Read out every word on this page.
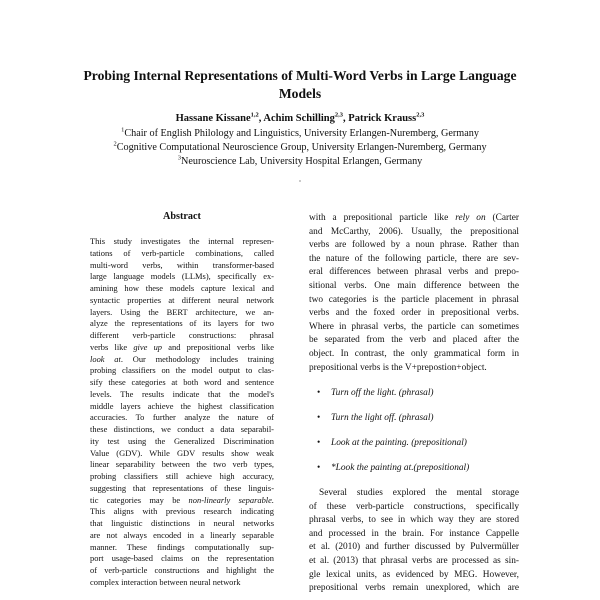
Probing Internal Representations of Multi-Word Verbs in Large Language
Models
Hassane Kissane$^{1,2}$, Achim Schilling$^{2,3}$, Patrick Krauss$^{2,3}$
$^1$Chair of English Philology and Linguistics, University Erlangen-Nuremberg, Germany
$^2$Cognitive Computational Neuroscience Group, University Erlangen-Nuremberg, Germany
$^3$Neuroscience Lab, University Hospital Erlangen, Germany
Abstract
This study investigates the internal represen-
tations of verb-particle combinations, called
multi-word verbs, within transformer-based
large language models (LLMs), specifically ex-
amining how these models capture lexical and
syntactic properties at different neural network
layers. Using the BERT architecture, we an-
alyze the representations of its layers for two
different verb-particle constructions: phrasal
verbs like give up and prepositional verbs like
look at. Our methodology includes training
probing classifiers on the model output to clas-
sify these categories at both word and sentence
levels. The results indicate that the model's
middle layers achieve the highest classification
accuracies. To further analyze the nature of
these distinctions, we conduct a data separabil-
ity test using the Generalized Discrimination
Value (GDV). While GDV results show weak
linear separability between the two verb types,
probing classifiers still achieve high accuracy,
suggesting that representations of these linguis-
tic categories may be non-linearly separable.
This aligns with previous research indicating
that linguistic distinctions in neural networks
are not always encoded in a linearly separable
manner. These findings computationally sup-
port usage-based claims on the representation
of verb-particle constructions and highlight the
complex interaction between neural network
with a prepositional particle like rely on (Carter
and McCarthy, 2006). Usually, the prepositional
verbs are followed by a noun phrase. Rather than
the nature of the following particle, there are sev-
eral differences between phrasal verbs and prepo-
sitional verbs. One main difference between the
two categories is the particle placement in phrasal
verbs and the foxed order in prepositional verbs.
Where in phrasal verbs, the particle can sometimes
be separated from the verb and placed after the
object. In contrast, the only grammatical form in
prepositional verbs is the V+prepostion+object.
• Turn off the light. (phrasal)
• Turn the light off. (phrasal)
• Look at the painting. (prepositional)
• *Look the painting at.(prepositional)
Several studies explored the mental storage
of these verb-particle constructions, specifically
phrasal verbs, to see in which way they are stored
and processed in the brain. For instance Cappelle
et al. (2010) and further discussed by Pulvermüller
et al. (2013) that phrasal verbs are processed as sin-
gle lexical units, as evidenced by MEG. However,
prepositional verbs remain unexplored, which are
